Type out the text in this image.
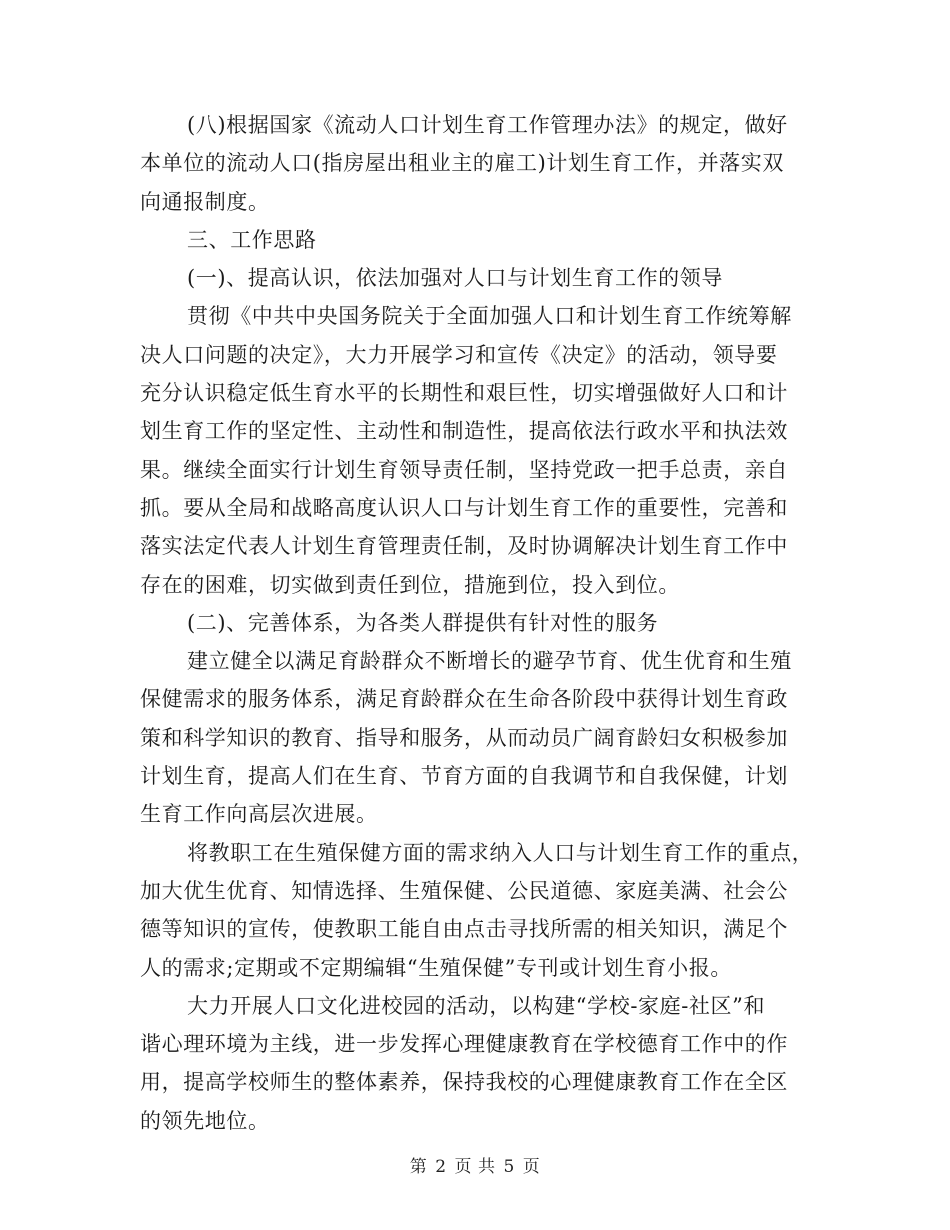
(八)根据国家《流动人口计划生育工作管理办法》的规定，做好
本单位的流动人口(指房屋出租业主的雇工)计划生育工作，并落实双
向通报制度。

三、工作思路

(一)、提高认识，依法加强对人口与计划生育工作的领导

贯彻《中共中央国务院关于全面加强人口和计划生育工作统筹解
决人口问题的决定》，大力开展学习和宣传《决定》的活动，领导要
充分认识稳定低生育水平的长期性和艰巨性，切实增强做好人口和计
划生育工作的坚定性、主动性和制造性，提高依法行政水平和执法效
果。继续全面实行计划生育领导责任制，坚持党政一把手总责，亲自
抓。要从全局和战略高度认识人口与计划生育工作的重要性，完善和
落实法定代表人计划生育管理责任制，及时协调解决计划生育工作中
存在的困难，切实做到责任到位，措施到位，投入到位。

(二)、完善体系，为各类人群提供有针对性的服务

建立健全以满足育龄群众不断增长的避孕节育、优生优育和生殖
保健需求的服务体系，满足育龄群众在生命各阶段中获得计划生育政
策和科学知识的教育、指导和服务，从而动员广阔育龄妇女积极参加
计划生育，提高人们在生育、节育方面的自我调节和自我保健，计划
生育工作向高层次进展。

将教职工在生殖保健方面的需求纳入人口与计划生育工作的重点，
加大优生优育、知情选择、生殖保健、公民道德、家庭美满、社会公
德等知识的宣传，使教职工能自由点击寻找所需的相关知识，满足个
人的需求;定期或不定期编辑“生殖保健”专刊或计划生育小报。

大力开展人口文化进校园的活动，以构建“学校-家庭-社区”和
谐心理环境为主线，进一步发挥心理健康教育在学校德育工作中的作
用，提高学校师生的整体素养，保持我校的心理健康教育工作在全区
的领先地位。

第 2 页 共 5 页
